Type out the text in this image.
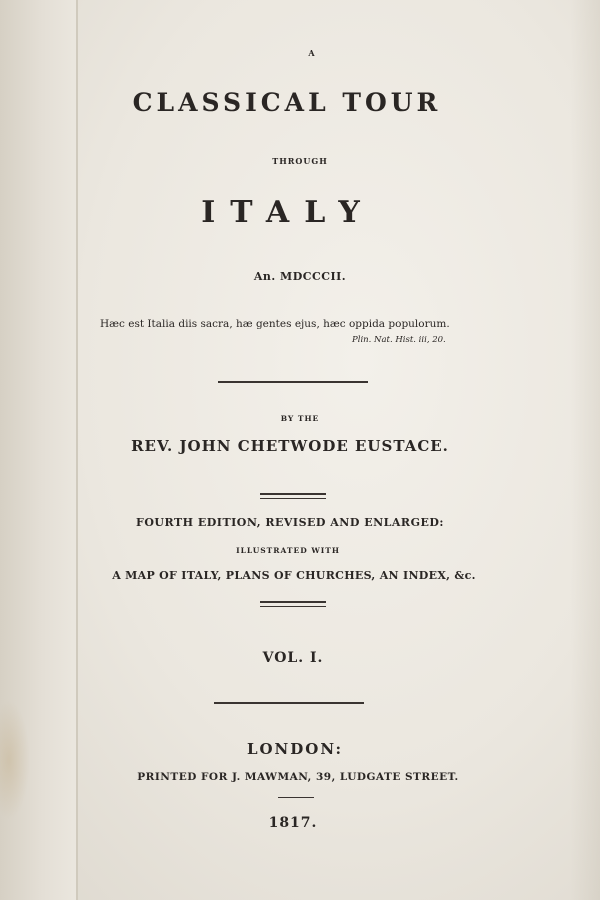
A
CLASSICAL TOUR
THROUGH
ITALY
An. MDCCCII.
Hæc est Italia diis sacra, hæ gentes ejus, hæc oppida populorum.
Plin. Nat. Hist. iii, 20.
BY THE
REV. JOHN CHETWODE EUSTACE.
FOURTH EDITION, REVISED AND ENLARGED:
ILLUSTRATED WITH
A MAP OF ITALY, PLANS OF CHURCHES, AN INDEX, &c.
VOL. I.
LONDON:
PRINTED FOR J. MAWMAN, 39, LUDGATE STREET.
1817.
